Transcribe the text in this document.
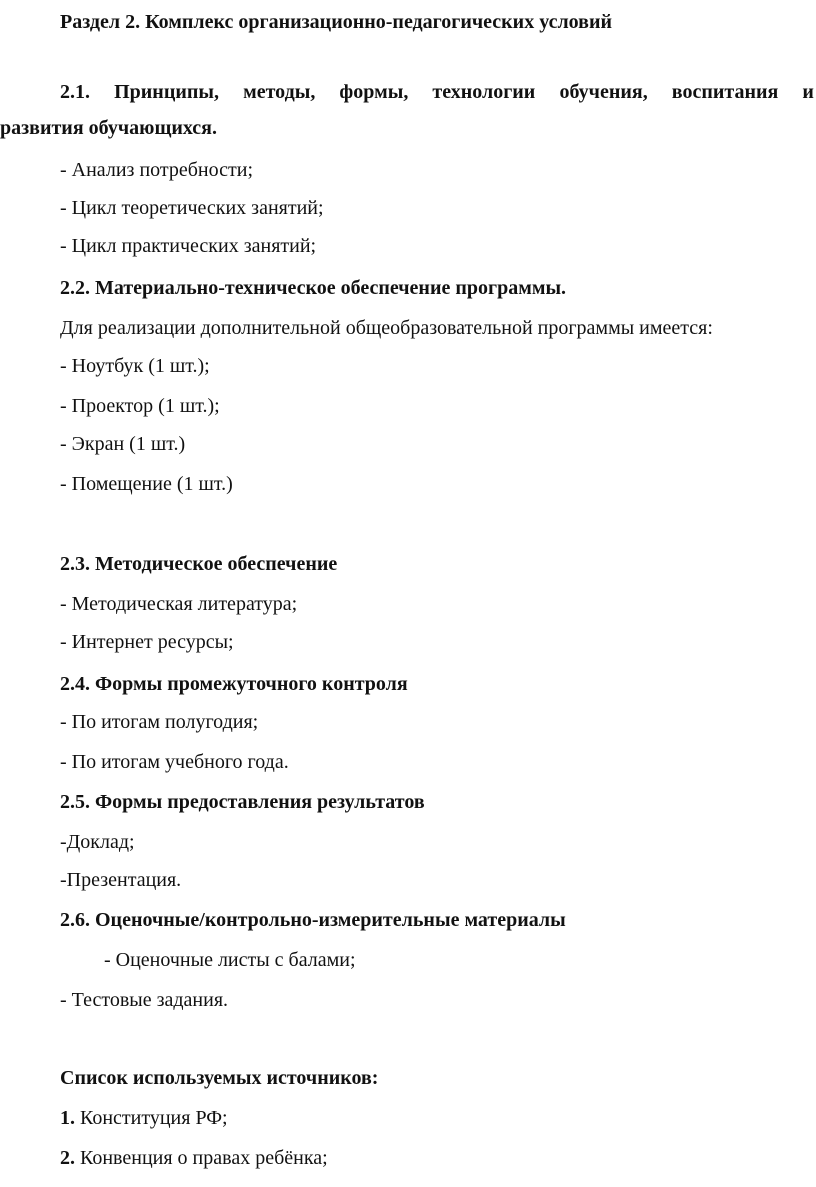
Раздел 2. Комплекс организационно-педагогических условий
2.1. Принципы, методы, формы, технологии обучения, воспитания и
развития обучающихся.
- Анализ потребности;
- Цикл теоретических занятий;
- Цикл практических занятий;
2.2. Материально-техническое обеспечение программы.
Для реализации дополнительной общеобразовательной программы имеется:
- Ноутбук (1 шт.);
- Проектор (1 шт.);
- Экран (1 шт.)
- Помещение (1 шт.)
2.3. Методическое обеспечение
- Методическая литература;
- Интернет ресурсы;
2.4. Формы промежуточного контроля
- По итогам полугодия;
- По итогам учебного года.
2.5. Формы предоставления результатов
-Доклад;
-Презентация.
2.6. Оценочные/контрольно-измерительные материалы
- Оценочные листы с балами;
- Тестовые задания.
Список используемых источников:
1. Конституция РФ;
2. Конвенция о правах ребёнка;
